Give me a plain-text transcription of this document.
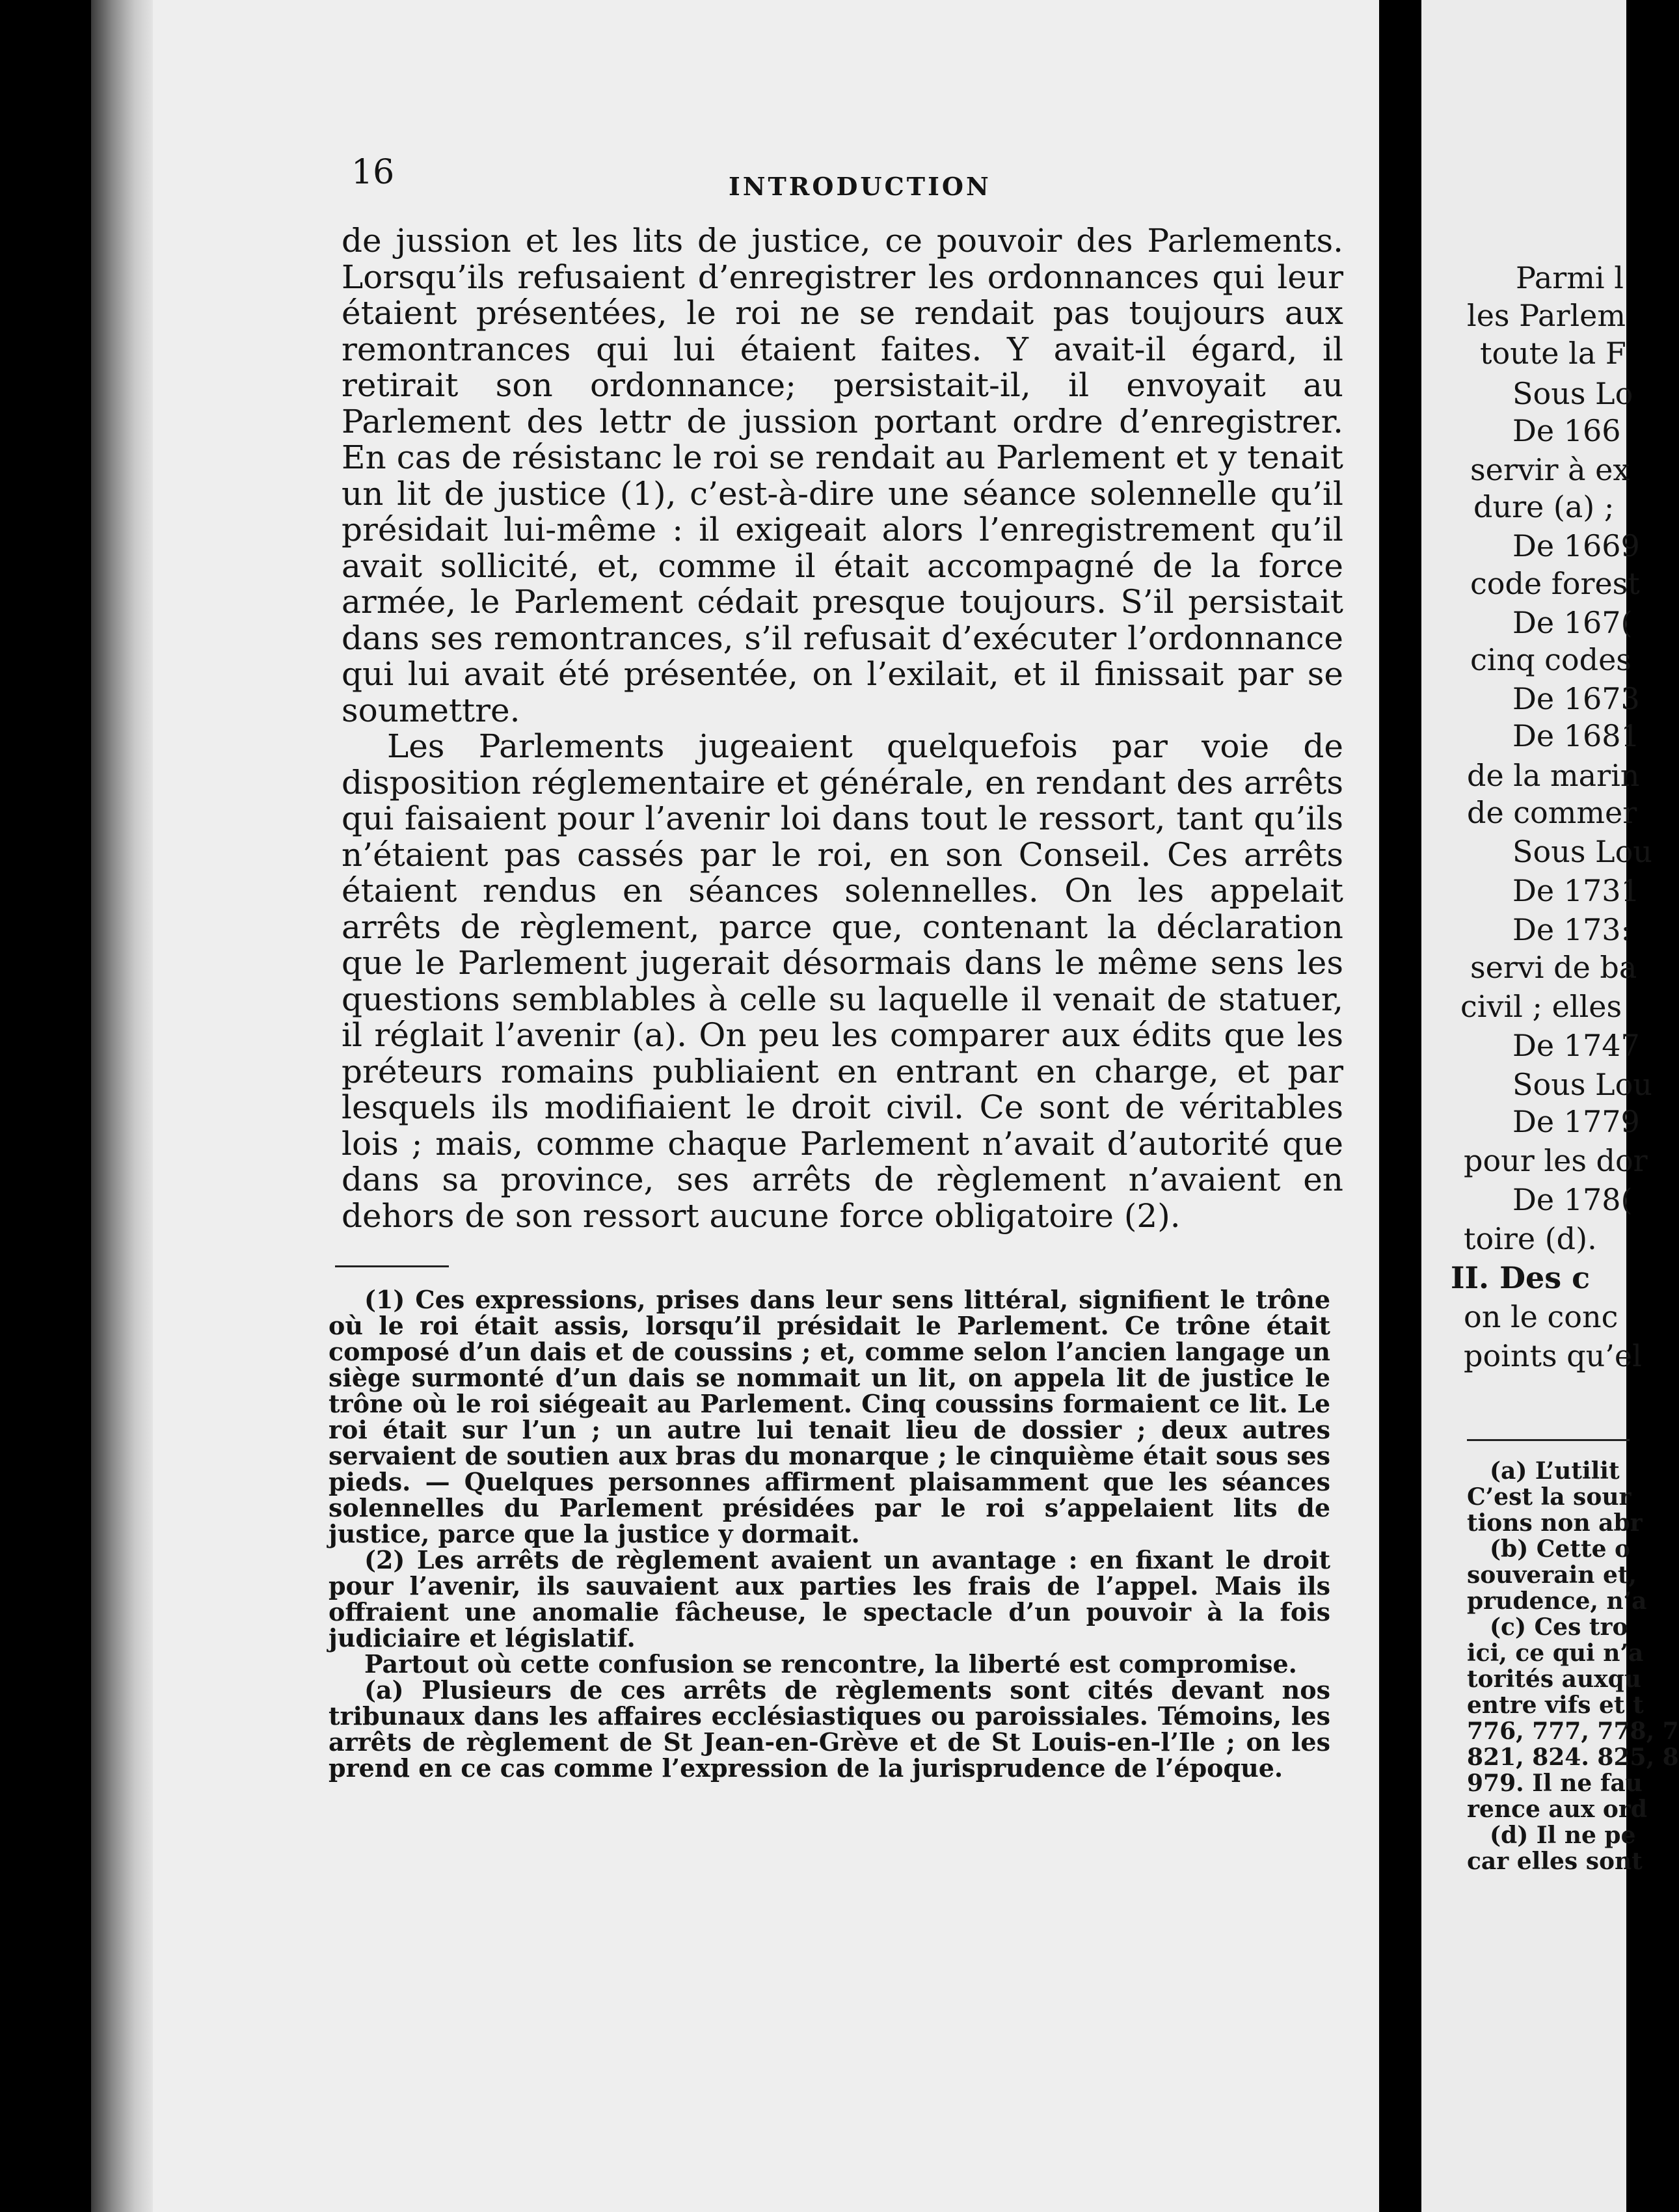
Parmi l
les Parlem
toute la F
Sous Lo
De 166
servir à ex
dure (a) ;
De 1669
code forest
De 167(
cinq codes
De 1673
De 1681
de la marin
de commer
Sous Lou
De 1731
De 173:
servi de ba
civil ; elles
De 1747
Sous Lou
De 1779
pour les dor
De 178(
toire (d).
II. Des c
on le conc
points qu’el
(a) L’utilit
C’est la sour
tions non abr
(b) Cette o
souverain et,
prudence, n’a
(c) Ces tro
ici, ce qui n’a
torités auxqu
entre vifs et t
776, 777, 778, 7
821, 824. 825, 8
979. Il ne fau
rence aux ord
(d) Il ne pe
car elles sont
16	INTRODUCTION

de jussion et les lits de justice, ce pouvoir des Parlements. Lorsqu’ils refusaient d’enregistrer les ordonnances qui leur étaient présentées, le roi ne se rendait pas toujours aux remontrances qui lui étaient faites. Y avait-il égard, il retirait son ordonnance; persistait-il, il envoyait au Parlement des lettr de jussion portant ordre d’enregistrer. En cas de résistanc le roi se rendait au Parlement et y tenait un lit de justice (1), c’est-à-dire une séance solennelle qu’il présidait lui-même : il exigeait alors l’enregistrement qu’il avait sollicité, et, comme il était accompagné de la force armée, le Parlement cédait presque toujours. S’il persistait dans ses remontrances, s’il refusait d’exécuter l’ordonnance qui lui avait été présentée, on l’exilait, et il finissait par se soumettre.

Les Parlements jugeaient quelquefois par voie de disposition réglementaire et générale, en rendant des arrêts qui faisaient pour l’avenir loi dans tout le ressort, tant qu’ils n’étaient pas cassés par le roi, en son Conseil. Ces arrêts étaient rendus en séances solennelles. On les appelait arrêts de règlement, parce que, contenant la déclaration que le Parlement jugerait désormais dans le même sens les questions semblables à celle su laquelle il venait de statuer, il réglait l’avenir (a). On peu les comparer aux édits que les préteurs romains publiaient en entrant en charge, et par lesquels ils modifiaient le droit civil. Ce sont de véritables lois ; mais, comme chaque Parlement n’avait d’autorité que dans sa province, ses arrêts de règlement n’avaient en dehors de son ressort aucune force obligatoire (2).

(1) Ces expressions, prises dans leur sens littéral, signifient le trône où le roi était assis, lorsqu’il présidait le Parlement. Ce trône était composé d’un dais et de coussins ; et, comme selon l’ancien langage un siège surmonté d’un dais se nommait un lit, on appela lit de justice le trône où le roi siégeait au Parlement. Cinq coussins formaient ce lit. Le roi était sur l’un ; un autre lui tenait lieu de dossier ; deux autres servaient de soutien aux bras du monarque ; le cinquième était sous ses pieds. — Quelques personnes affirment plaisamment que les séances solennelles du Parlement présidées par le roi s’appelaient lits de justice, parce que la justice y dormait.

(2) Les arrêts de règlement avaient un avantage : en fixant le droit pour l’avenir, ils sauvaient aux parties les frais de l’appel. Mais ils offraient une anomalie fâcheuse, le spectacle d’un pouvoir à la fois judiciaire et législatif.

Partout où cette confusion se rencontre, la liberté est compromise.

(a) Plusieurs de ces arrêts de règlements sont cités devant nos tribunaux dans les affaires ecclésiastiques ou paroissiales. Témoins, les arrêts de règlement de St Jean-en-Grève et de St Louis-en-l’Ile ; on les prend en ce cas comme l’expression de la jurisprudence de l’époque.
